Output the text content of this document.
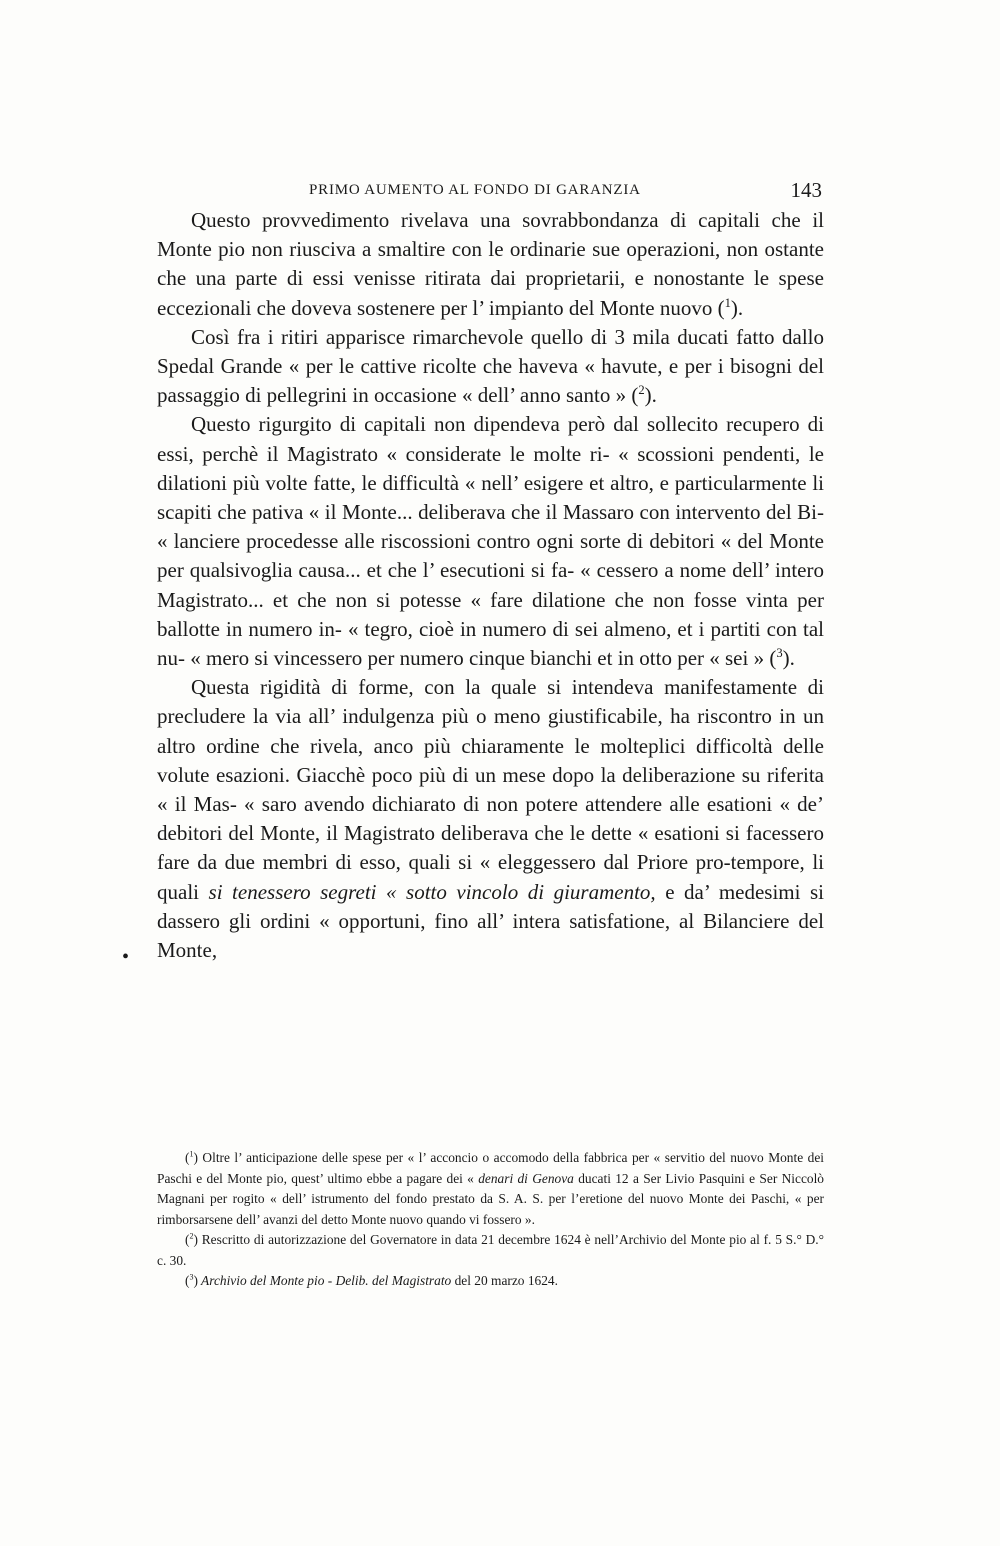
PRIMO AUMENTO AL FONDO DI GARANZIA	143

Questo provvedimento rivelava una sovrabbondanza di capitali che il Monte pio non riusciva a smaltire con le ordinarie sue operazioni, non ostante che una parte di essi venisse ritirata dai proprietarii, e nonostante le spese eccezionali che doveva sostenere per l’ impianto del Monte nuovo ($^1$).

Così fra i ritiri apparisce rimarchevole quello di 3 mila ducati fatto dallo Spedal Grande « per le cattive ricolte che haveva « havute, e per i bisogni del passaggio di pellegrini in occasione « dell’ anno santo » ($^2$).

Questo rigurgito di capitali non dipendeva però dal sollecito recupero di essi, perchè il Magistrato « considerate le molte ri- « scossioni pendenti, le dilationi più volte fatte, le difficultà « nell’ esigere et altro, e particularmente li scapiti che pativa « il Monte... deliberava che il Massaro con intervento del Bi- « lanciere procedesse alle riscossioni contro ogni sorte di debitori « del Monte per qualsivoglia causa... et che l’ esecutioni si fa- « cessero a nome dell’ intero Magistrato... et che non si potesse « fare dilatione che non fosse vinta per ballotte in numero in- « tegro, cioè in numero di sei almeno, et i partiti con tal nu- « mero si vincessero per numero cinque bianchi et in otto per « sei » ($^3$).

Questa rigidità di forme, con la quale si intendeva manifestamente di precludere la via all’ indulgenza più o meno giustificabile, ha riscontro in un altro ordine che rivela, anco più chiaramente le molteplici difficoltà delle volute esazioni. Giacchè poco più di un mese dopo la deliberazione su riferita « il Mas- « saro avendo dichiarato di non potere attendere alle esationi « de’ debitori del Monte, il Magistrato deliberava che le dette « esationi si facessero fare da due membri di esso, quali si « eleggessero dal Priore pro-tempore, li quali si tenessero segreti « sotto vincolo di giuramento, e da’ medesimi si dassero gli ordini « opportuni, fino all’ intera satisfatione, al Bilanciere del Monte,

•

($^1$) Oltre l’ anticipazione delle spese per « l’ acconcio o accomodo della fabbrica per « servitio del nuovo Monte dei Paschi e del Monte pio, quest’ ultimo ebbe a pagare dei « denari di Genova ducati 12 a Ser Livio Pasquini e Ser Niccolò Magnani per rogito « dell’ istrumento del fondo prestato da S. A. S. per l’eretione del nuovo Monte dei Paschi, « per rimborsarsene dell’ avanzi del detto Monte nuovo quando vi fossero ».

($^2$) Rescritto di autorizzazione del Governatore in data 21 decembre 1624 è nell’Archivio del Monte pio al f. 5 S.° D.° c. 30.

($^3$) Archivio del Monte pio - Delib. del Magistrato del 20 marzo 1624.
